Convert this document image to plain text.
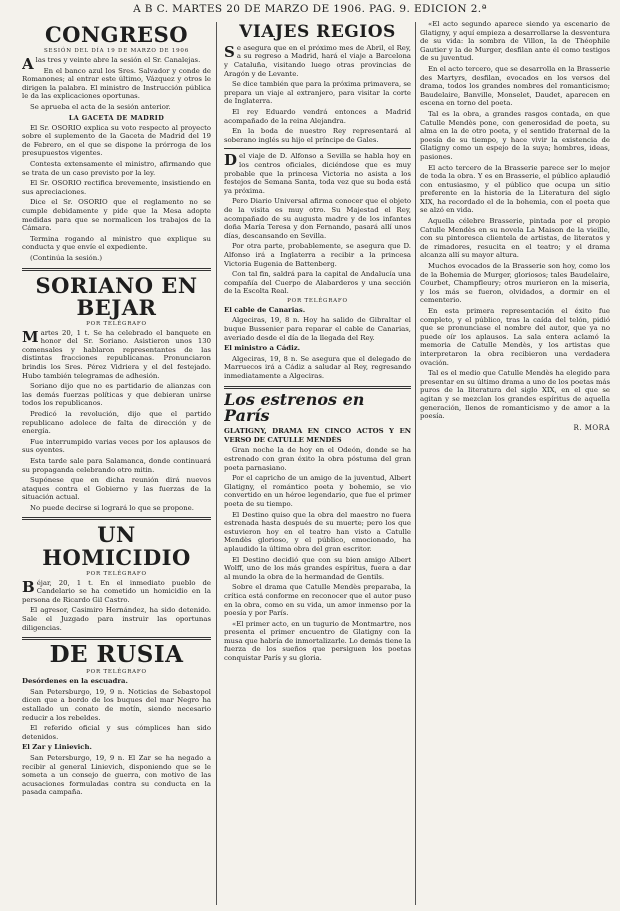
A B C. MARTES 20 DE MARZO DE 1906. PAG. 9. EDICION 2.ª
CONGRESO
SESIÓN DEL DÍA 19 DE MARZO DE 1906

Alas tres y veinte abre la sesión el Sr. Canalejas.

En el banco azul los Sres. Salvador y conde de Romanones; al entrar este último, Vázquez y otros le dirigen la palabra. El ministro de Instrucción pública le da las explicaciones oportunas.

Se aprueba el acta de la sesión anterior.

LA GACETA DE MADRID

El Sr. OSORIO explica su voto respecto al proyecto sobre el suplemento de la Gaceta de Madrid del 19 de Febrero, en el que se dispone la prórroga de los presupuestos vigentes.

Contesta extensamente el ministro, afirmando que se trata de un caso previsto por la ley.

El Sr. OSORIO rectifica brevemente, insistiendo en sus apreciaciones.

Dice el Sr. OSORIO que el reglamento no se cumple debidamente y pide que la Mesa adopte medidas para que se normalicen los trabajos de la Cámara.

Termina rogando al ministro que explique su conducta y que envíe el expediente.

(Continúa la sesión.)

SORIANO EN BEJAR
POR TELÉGRAFO

Martes 20, 1 t. Se ha celebrado el banquete en honor del Sr. Soriano. Asistieron unos 130 comensales y hablaron representantes de las distintas fracciones republicanas. Pronunciaron brindis los Sres. Pérez Vidriera y el del festejado. Hubo también telegramas de adhesión.

Soriano dijo que no es partidario de alianzas con las demás fuerzas políticas y que debieran unirse todos los republicanos.

Predicó la revolución, dijo que el partido republicano adolece de falta de dirección y de energía.

Fue interrumpido varias veces por los aplausos de sus oyentes.

Esta tarde sale para Salamanca, donde continuará su propaganda celebrando otro mitin.

Supónese que en dicha reunión dirá nuevos ataques contra el Gobierno y las fuerzas de la situación actual.

No puede decirse si logrará lo que se propone.

UN HOMICIDIO
POR TELÉGRAFO

Béjar, 20, 1 t. En el inmediato pueblo de Candelario se ha cometido un homicidio en la persona de Ricardo Gil Castro.

El agresor, Casimiro Hernández, ha sido detenido. Sale el Juzgado para instruir las oportunas diligencias.

DE RUSIA
POR TELÉGRAFO

Desórdenes en la escuadra.

San Petersburgo, 19, 9 n. Noticias de Sebastopol dicen que a bordo de los buques del mar Negro ha estallado un conato de motín, siendo necesario reducir a los rebeldes.

El referido oficial y sus cómplices han sido detenidos.

El Zar y Linievich.

San Petersburgo, 19, 9 n. El Zar se ha negado a recibir al general Linievich, disponiendo que se le someta a un consejo de guerra, con motivo de las acusaciones formuladas contra su conducta en la pasada campaña.

VIAJES REGIOS

Se asegura que en el próximo mes de Abril, el Rey, a su regreso a Madrid, hará el viaje a Barcelona y Cataluña, visitando luego otras provincias de Aragón y de Levante.

Se dice también que para la próxima primavera, se prepara un viaje al extranjero, para visitar la corte de Inglaterra.

El rey Eduardo vendrá entonces a Madrid acompañado de la reina Alejandra.

En la boda de nuestro Rey representará al soberano inglés su hijo el príncipe de Gales.

Del viaje de D. Alfonso a Sevilla se habla hoy en los centros oficiales, diciéndose que es muy probable que la princesa Victoria no asista a los festejos de Semana Santa, toda vez que su boda está ya próxima.

Pero Diario Universal afirma conocer que el objeto de la visita es muy otro. Su Majestad el Rey, acompañado de su augusta madre y de los infantes doña María Teresa y don Fernando, pasará allí unos días, descansando en Sevilla.

Por otra parte, probablemente, se asegura que D. Alfonso irá a Inglaterra a recibir a la princesa Victoria Eugenia de Battenberg.

Con tal fin, saldrá para la capital de Andalucía una compañía del Cuerpo de Alabarderos y una sección de la Escolta Real.

POR TELÉGRAFO

El cable de Canarias.

Algeciras, 19, 8 n. Hoy ha salido de Gibraltar el buque Bussenier para reparar el cable de Canarias, averiado desde el día de la llegada del Rey.

El ministro a Cádiz.

Algeciras, 19, 8 n. Se asegura que el delegado de Marruecos irá a Cádiz a saludar al Rey, regresando inmediatamente a Algeciras.

Los estrenos en París

GLATIGNY, DRAMA EN CINCO ACTOS Y EN VERSO DE CATULLE MENDÈS

Gran noche la de hoy en el Odeón, donde se ha estrenado con gran éxito la obra póstuma del gran poeta parnasiano.

Por el capricho de un amigo de la juventud, Albert Glatigny, el romántico poeta y bohemio, se vio convertido en un héroe legendario, que fue el primer poeta de su tiempo.

El Destino quiso que la obra del maestro no fuera estrenada hasta después de su muerte; pero los que estuvieron hoy en el teatro han visto a Catulle Mendès glorioso, y el público, emocionado, ha aplaudido la última obra del gran escritor.

El Destino decidió que con su bien amigo Albert Wolff, uno de los más grandes espíritus, fuera a dar al mundo la obra de la hermandad de Gentils.

Sobre el drama que Catulle Mendès preparaba, la crítica está conforme en reconocer que el autor puso en la obra, como en su vida, un amor inmenso por la poesía y por París.

«El primer acto, en un tugurio de Montmartre, nos presenta el primer encuentro de Glatigny con la musa que habría de inmortalizarle. Lo demás tiene la fuerza de los sueños que persiguen los poetas conquistar París y su gloria.

«El acto segundo aparece siendo ya escenario de Glatigny, y aquí empieza a desarrollarse la desventura de su vida: la sombra de Villon, la de Théophile Gautier y la de Murger, desfilan ante él como testigos de su juventud.

En el acto tercero, que se desarrolla en la Brasserie des Martyrs, desfilan, evocados en los versos del drama, todos los grandes nombres del romanticismo; Baudelaire, Banville, Monselet, Daudet, aparecen en escena en torno del poeta.

Tal es la obra, a grandes rasgos contada, en que Catulle Mendès pone, con generosidad de poeta, su alma en la de otro poeta, y el sentido fraternal de la poesía de su tiempo, y hace vivir la existencia de Glatigny como un espejo de la suya; hombres, ideas, pasiones.

El acto tercero de la Brasserie parece ser lo mejor de toda la obra. Y es en Brasserie, el público aplaudió con entusiasmo, y el público que ocupa un sitio preferente en la historia de la Literatura del siglo XIX, ha recordado el de la bohemia, con el poeta que se alzó en vida.

Aquella célebre Brasserie, pintada por el propio Catulle Mendès en su novela La Maison de la vieille, con su pintoresca clientela de artistas, de literatos y de rimadores, resucita en el teatro; y el drama alcanza allí su mayor altura.

Muchos evocados de la Brasserie son hoy, como los de la Bohemia de Murger, gloriosos; tales Baudelaire, Courbet, Champfleury; otros murieron en la miseria, y los más se fueron, olvidados, a dormir en el cementerio.

En esta primera representación el éxito fue completo, y el público, tras la caída del telón, pidió que se pronunciase el nombre del autor, que ya no puede oír los aplausos. La sala entera aclamó la memoria de Catulle Mendès, y los artistas que interpretaron la obra recibieron una verdadera ovación.

Tal es el medio que Catulle Mendès ha elegido para presentar en su último drama a uno de los poetas más puros de la literatura del siglo XIX, en el que se agitan y se mezclan los grandes espíritus de aquella generación, llenos de romanticismo y de amor a la poesía.

R. MORA
